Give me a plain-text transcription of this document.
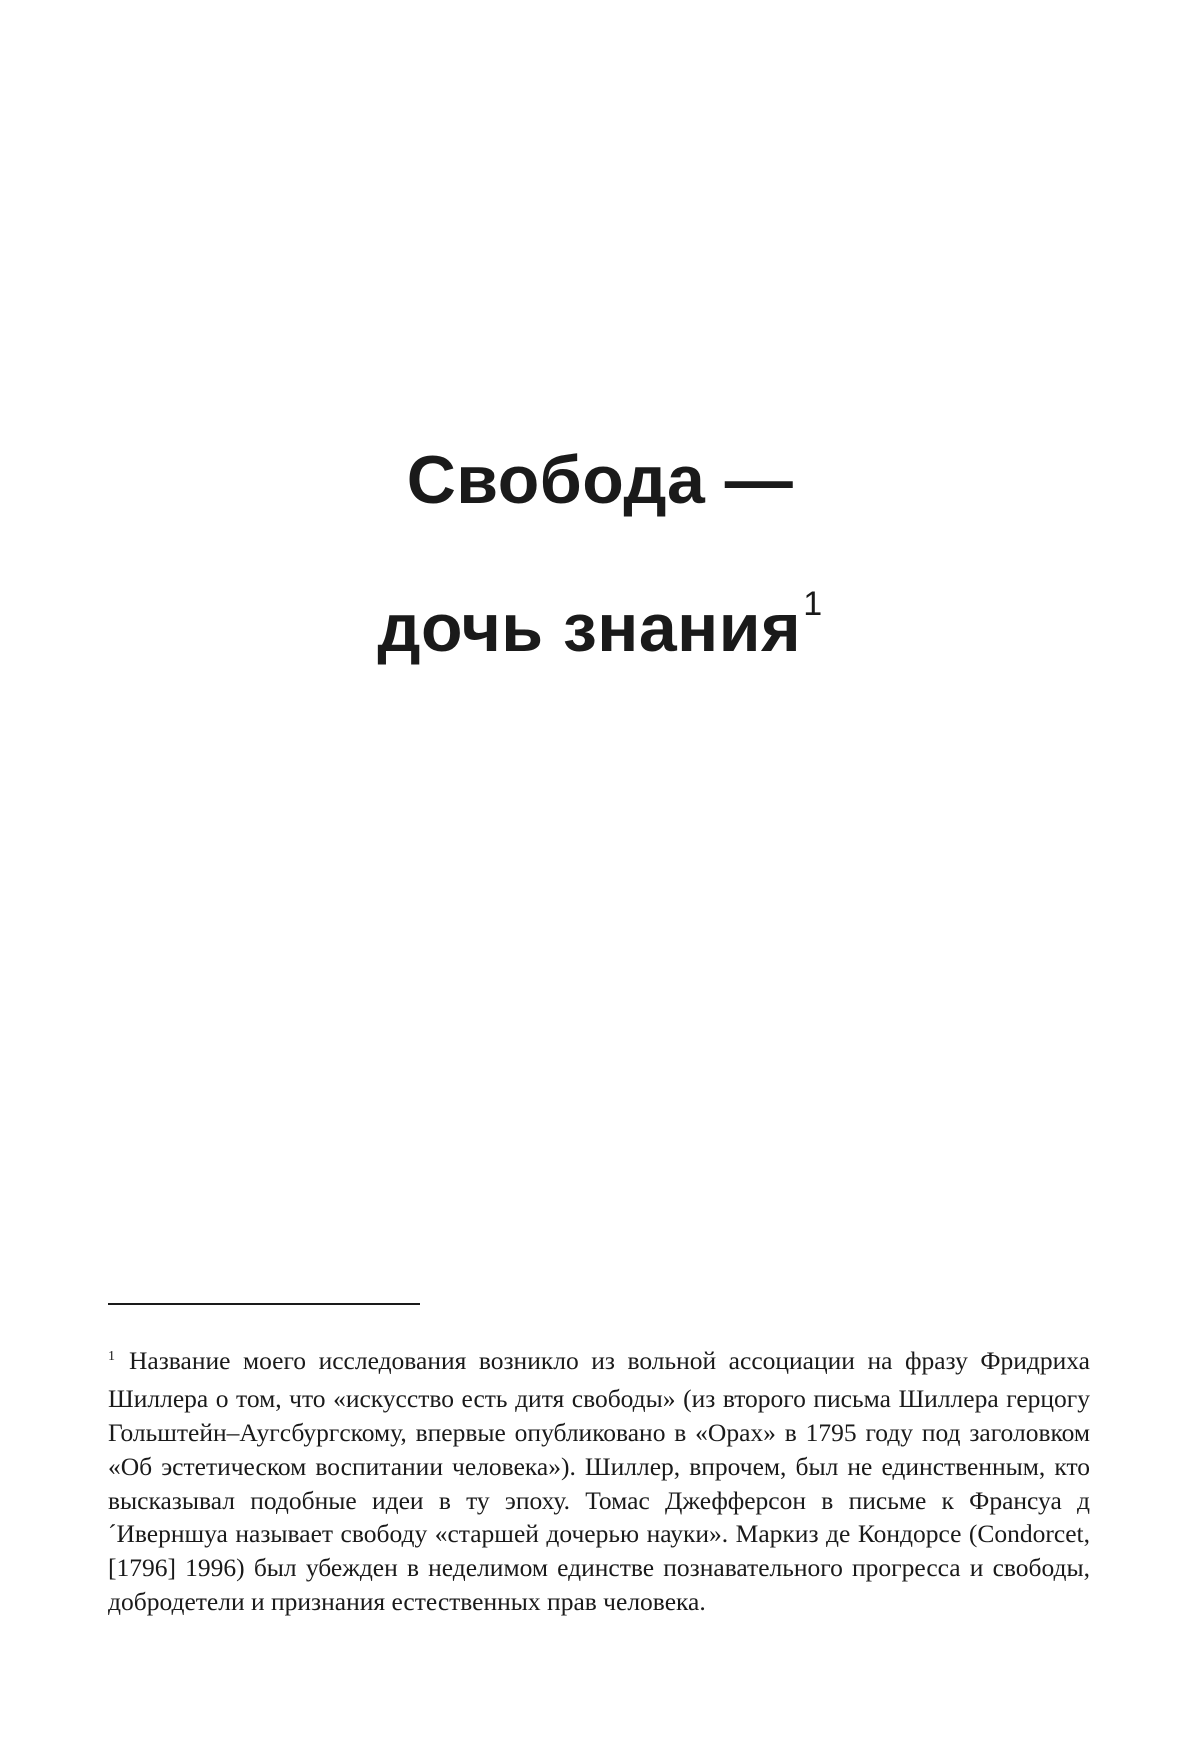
Свобода —
дочь знания$^1$

$^1$ Название моего исследования возникло из вольной ассоциации на фразу Фридриха Шиллера о том, что «искусство есть дитя свободы» (из второго письма Шиллера герцогу Гольштейн–Аугсбургскому, впервые опубликовано в «Орах» в 1795 году под заголовком «Об эстетическом воспитании человека»). Шиллер, впрочем, был не единственным, кто высказывал подобные идеи в ту эпоху. Томас Джефферсон в письме к Франсуа д´Иверншуа называет свободу «старшей дочерью науки». Маркиз де Кондорсе (Condorcet, [1796] 1996) был убежден в неделимом единстве познавательного прогресса и свободы, добродетели и признания естественных прав человека.
